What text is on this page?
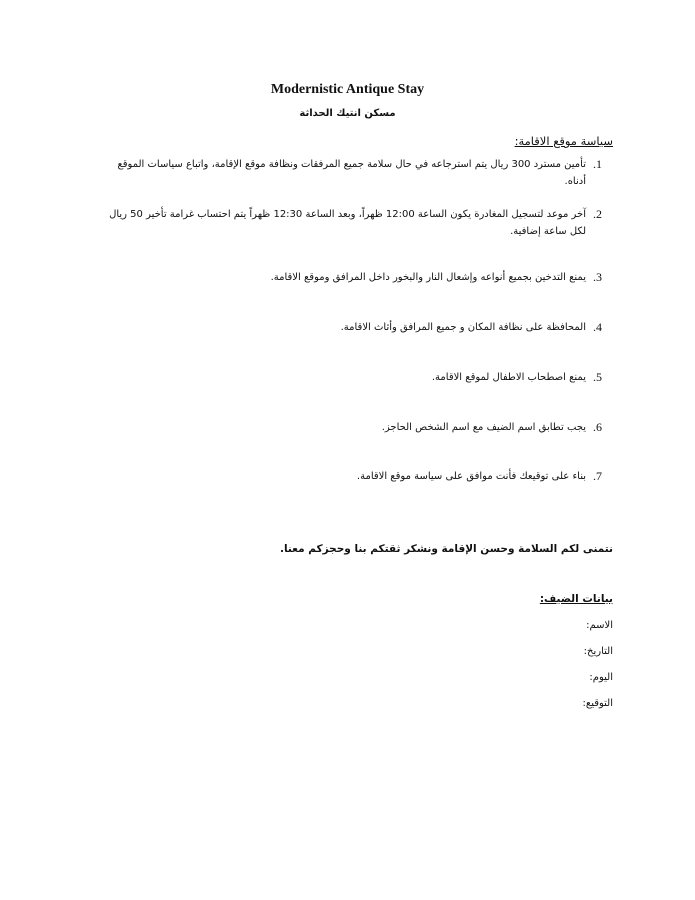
Modernistic Antique Stay
مسكن انتيك الحداثة
سياسة موقع الاقامة:
1.
تأمين مسترد 300 ريال يتم استرجاعه في حال سلامة جميع المرفقات ونظافة موقع الإقامة، واتباع سياسات الموقع أدناه.
2.
آخر موعد لتسجيل المغادرة يكون الساعة 12:00 ظهراً، وبعد الساعة 12:30 ظهراً يتم احتساب غرامة تأخير 50 ريال لكل ساعة إضافية.
3.
يمنع التدخين بجميع أنواعه وإشعال النار والبخور داخل المرافق وموقع الاقامة.
4.
المحافظة على نظافة المكان و جميع المرافق وأثاث الاقامة.
5.
يمنع اصطحاب الاطفال لموقع الاقامة.
6.
يجب تطابق اسم الضيف مع اسم الشخص الحاجز.
7.
بناء على توقيعك فأنت موافق على سياسة موقع الاقامة.
نتمنى لكم السلامة وحسن الإقامة ونشكر ثقتكم بنا وحجزكم معنا.
بيانات الضيف:
الاسم:
التاريخ:
اليوم:
التوقيع:
